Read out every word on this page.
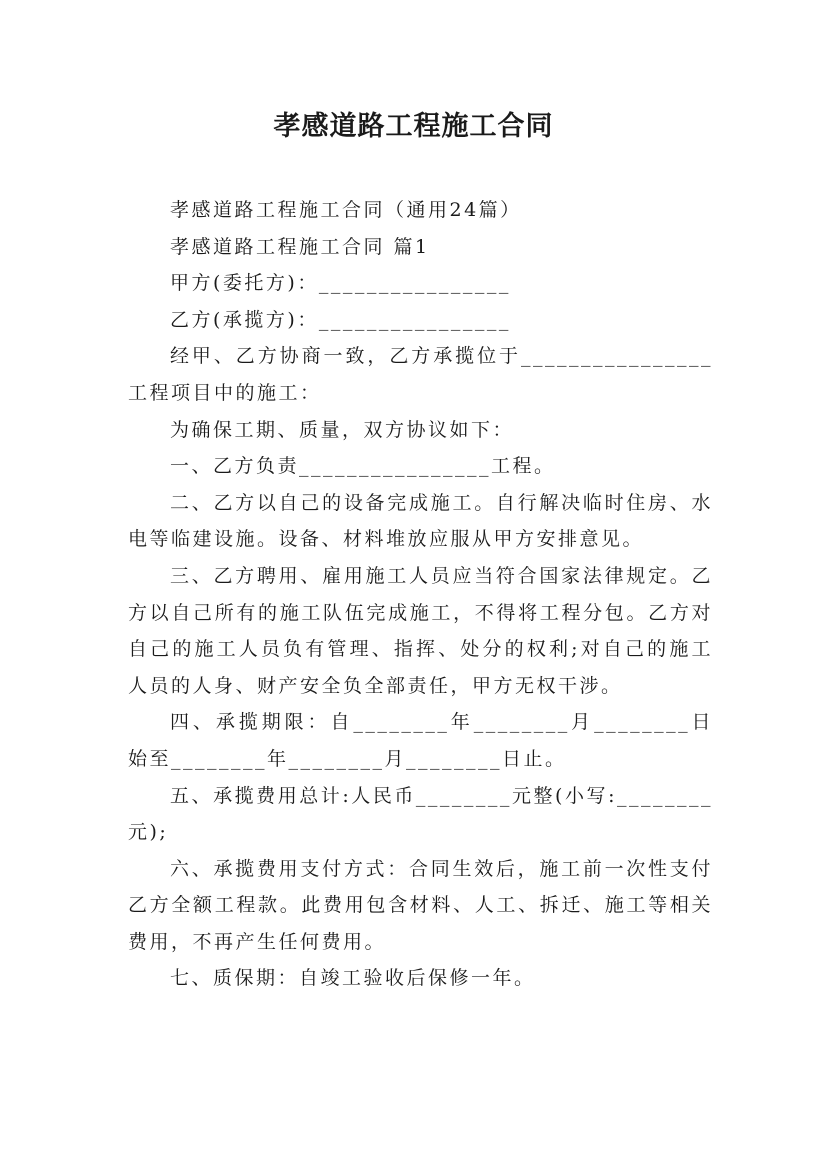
孝感道路工程施工合同

孝感道路工程施工合同（通用24篇）

孝感道路工程施工合同 篇1

甲方(委托方)：________________

乙方(承揽方)：________________

经甲、乙方协商一致，乙方承揽位于________________工程项目中的施工：

为确保工期、质量，双方协议如下：

一、乙方负责________________工程。

二、乙方以自己的设备完成施工。自行解决临时住房、水电等临建设施。设备、材料堆放应服从甲方安排意见。

三、乙方聘用、雇用施工人员应当符合国家法律规定。乙方以自己所有的施工队伍完成施工，不得将工程分包。乙方对自己的施工人员负有管理、指挥、处分的权利;对自己的施工人员的人身、财产安全负全部责任，甲方无权干涉。

四、承揽期限：自________年________月________日始至________年________月________日止。

五、承揽费用总计:人民币________元整(小写:________元);

六、承揽费用支付方式：合同生效后，施工前一次性支付乙方全额工程款。此费用包含材料、人工、拆迁、施工等相关费用，不再产生任何费用。

七、质保期：自竣工验收后保修一年。
